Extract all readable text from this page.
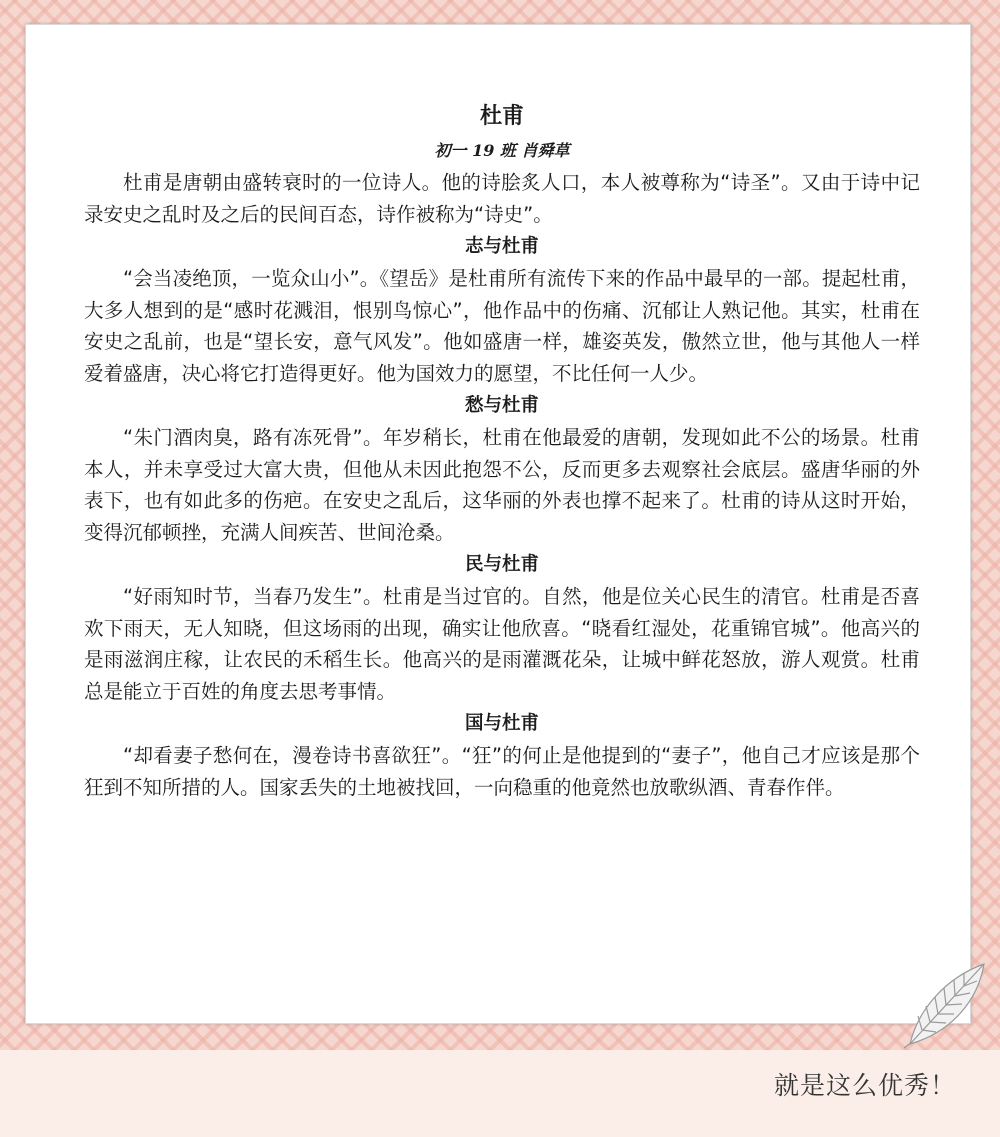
杜甫
初一 19 班 肖舜草

杜甫是唐朝由盛转衰时的一位诗人。他的诗脍炙人口，本人被尊称为“诗圣”。又由于诗中记录安史之乱时及之后的民间百态，诗作被称为“诗史”。

志与杜甫

“会当凌绝顶，一览众山小”。《望岳》是杜甫所有流传下来的作品中最早的一部。提起杜甫，大多人想到的是“感时花溅泪，恨别鸟惊心”，他作品中的伤痛、沉郁让人熟记他。其实，杜甫在安史之乱前，也是“望长安，意气风发”。他如盛唐一样，雄姿英发，傲然立世，他与其他人一样爱着盛唐，决心将它打造得更好。他为国效力的愿望，不比任何一人少。

愁与杜甫

“朱门酒肉臭，路有冻死骨”。年岁稍长，杜甫在他最爱的唐朝，发现如此不公的场景。杜甫本人，并未享受过大富大贵，但他从未因此抱怨不公，反而更多去观察社会底层。盛唐华丽的外表下，也有如此多的伤疤。在安史之乱后，这华丽的外表也撑不起来了。杜甫的诗从这时开始，变得沉郁顿挫，充满人间疾苦、世间沧桑。

民与杜甫

“好雨知时节，当春乃发生”。杜甫是当过官的。自然，他是位关心民生的清官。杜甫是否喜欢下雨天，无人知晓，但这场雨的出现，确实让他欣喜。“晓看红湿处，花重锦官城”。他高兴的是雨滋润庄稼，让农民的禾稻生长。他高兴的是雨灌溉花朵，让城中鲜花怒放，游人观赏。杜甫总是能立于百姓的角度去思考事情。

国与杜甫

“却看妻子愁何在，漫卷诗书喜欲狂”。“狂”的何止是他提到的“妻子”，他自己才应该是那个狂到不知所措的人。国家丢失的土地被找回，一向稳重的他竟然也放歌纵酒、青春作伴。

就是这么优秀！
